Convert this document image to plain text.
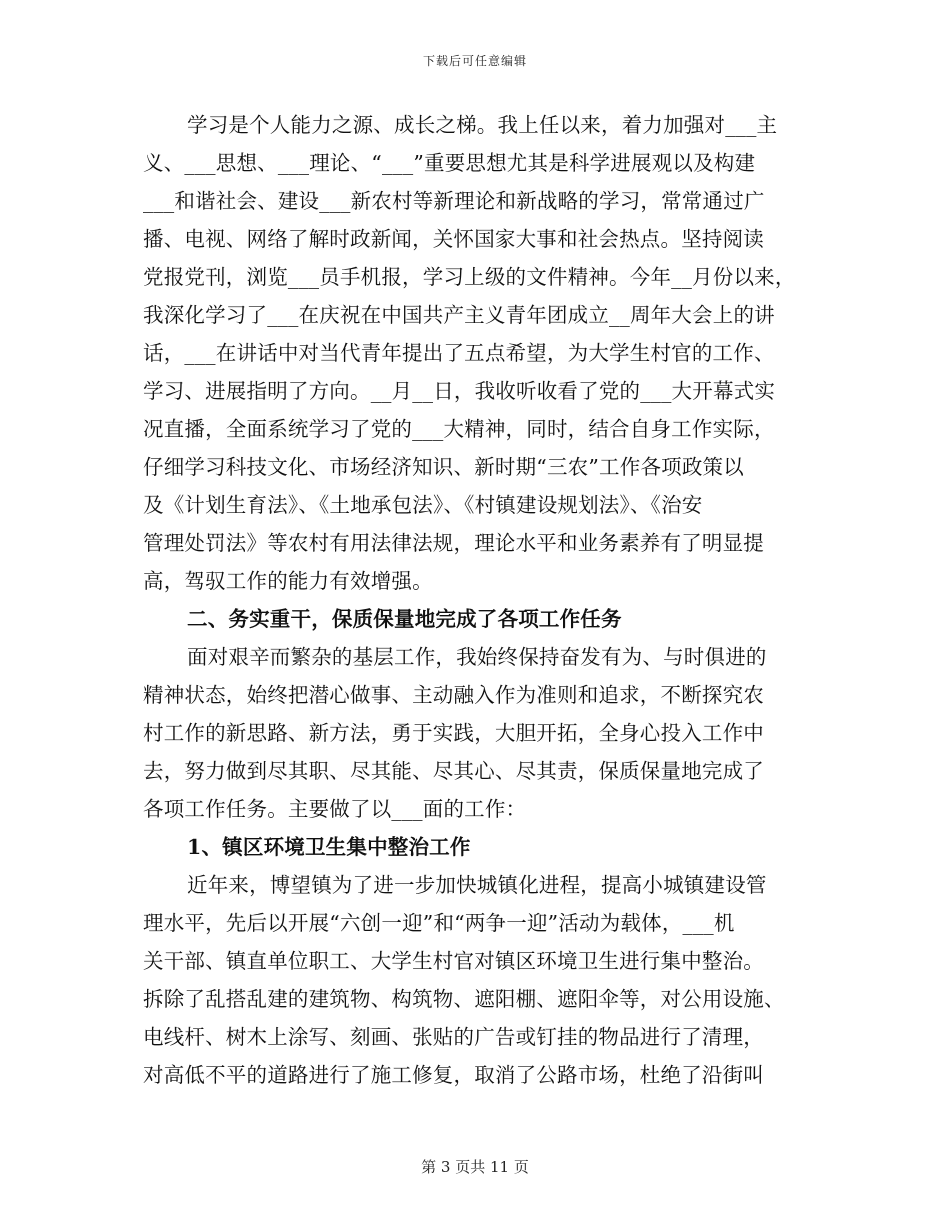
下载后可任意编辑
学习是个人能力之源、成长之梯。我上任以来，着力加强对___主
义、___思想、___理论、“___”重要思想尤其是科学进展观以及构建
___和谐社会、建设___新农村等新理论和新战略的学习，常常通过广
播、电视、网络了解时政新闻，关怀国家大事和社会热点。坚持阅读
党报党刊，浏览___员手机报，学习上级的文件精神。今年__月份以来，
我深化学习了___在庆祝在中国共产主义青年团成立__周年大会上的讲
话，___在讲话中对当代青年提出了五点希望，为大学生村官的工作、
学习、进展指明了方向。__月__日，我收听收看了党的___大开幕式实
况直播，全面系统学习了党的___大精神，同时，结合自身工作实际，
仔细学习科技文化、市场经济知识、新时期“三农”工作各项政策以
及《计划生育法》、《土地承包法》、《村镇建设规划法》、《治安
管理处罚法》等农村有用法律法规，理论水平和业务素养有了明显提
高，驾驭工作的能力有效增强。
二、务实重干，保质保量地完成了各项工作任务
面对艰辛而繁杂的基层工作，我始终保持奋发有为、与时俱进的
精神状态，始终把潜心做事、主动融入作为准则和追求，不断探究农
村工作的新思路、新方法，勇于实践，大胆开拓，全身心投入工作中
去，努力做到尽其职、尽其能、尽其心、尽其责，保质保量地完成了
各项工作任务。主要做了以___面的工作：
1、镇区环境卫生集中整治工作
近年来，博望镇为了进一步加快城镇化进程，提高小城镇建设管
理水平，先后以开展“六创一迎”和“两争一迎”活动为载体，___机
关干部、镇直单位职工、大学生村官对镇区环境卫生进行集中整治。
拆除了乱搭乱建的建筑物、构筑物、遮阳棚、遮阳伞等，对公用设施、
电线杆、树木上涂写、刻画、张贴的广告或钉挂的物品进行了清理，
对高低不平的道路进行了施工修复，取消了公路市场，杜绝了沿街叫
第 3 页共 11 页
